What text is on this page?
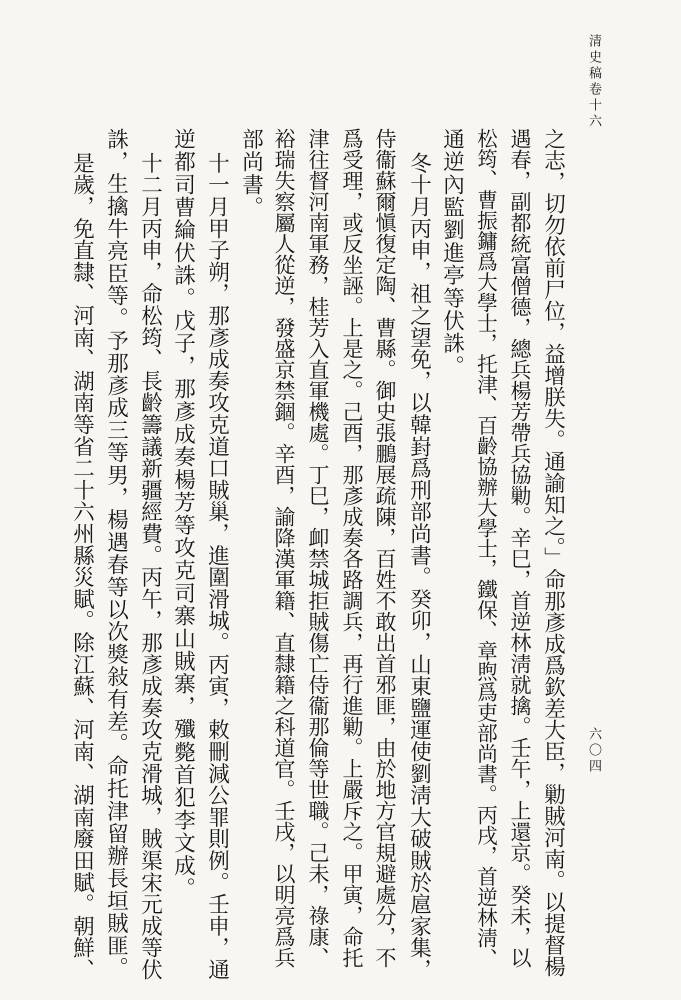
清史稿卷十六
六〇四
之志，切勿依前尸位，益增朕失。通諭知之。」命那彥成爲欽差大臣，勦賊河南。以提督楊
遇春，副都統富僧德，總兵楊芳帶兵協勦。辛巳，首逆林淸就擒。壬午，上還京。癸未，以
松筠、曹振鏞爲大學士，托津、百齡協辦大學士，鐵保、章煦爲吏部尚書。丙戌，首逆林淸、
通逆內監劉進亭等伏誅。
冬十月丙申，祖之望免，以韓崶爲刑部尚書。癸卯，山東鹽運使劉淸大破賊於扈家集，
侍衞蘇爾愼復定陶、曹縣。御史張鵬展疏陳，百姓不敢出首邪匪，由於地方官規避處分，不
爲受理，或反坐誣。上是之。己酉，那彥成奏各路調兵，再行進勦。上嚴斥之。甲寅，命托
津往督河南軍務，桂芳入直軍機處。丁巳，卹禁城拒賊傷亡侍衞那倫等世職。己未，祿康、
裕瑞失察屬人從逆，發盛京禁錮。辛酉，諭降漢軍籍、直隸籍之科道官。壬戌，以明亮爲兵
部尚書。
十一月甲子朔，那彥成奏攻克道口賊巢，進圍滑城。丙寅，敕刪減公罪則例。壬申，通
逆都司曹綸伏誅。戊子，那彥成奏楊芳等攻克司寨山賊寨，殲斃首犯李文成。
十二月丙申，命松筠、長齡籌議新疆經費。丙午，那彥成奏攻克滑城，賊渠宋元成等伏
誅，生擒牛亮臣等。予那彥成三等男，楊遇春等以次獎敍有差。命托津留辦長垣賊匪。
是歲，免直隸、河南、湖南等省二十六州縣災賦。除江蘇、河南、湖南廢田賦。朝鮮、
